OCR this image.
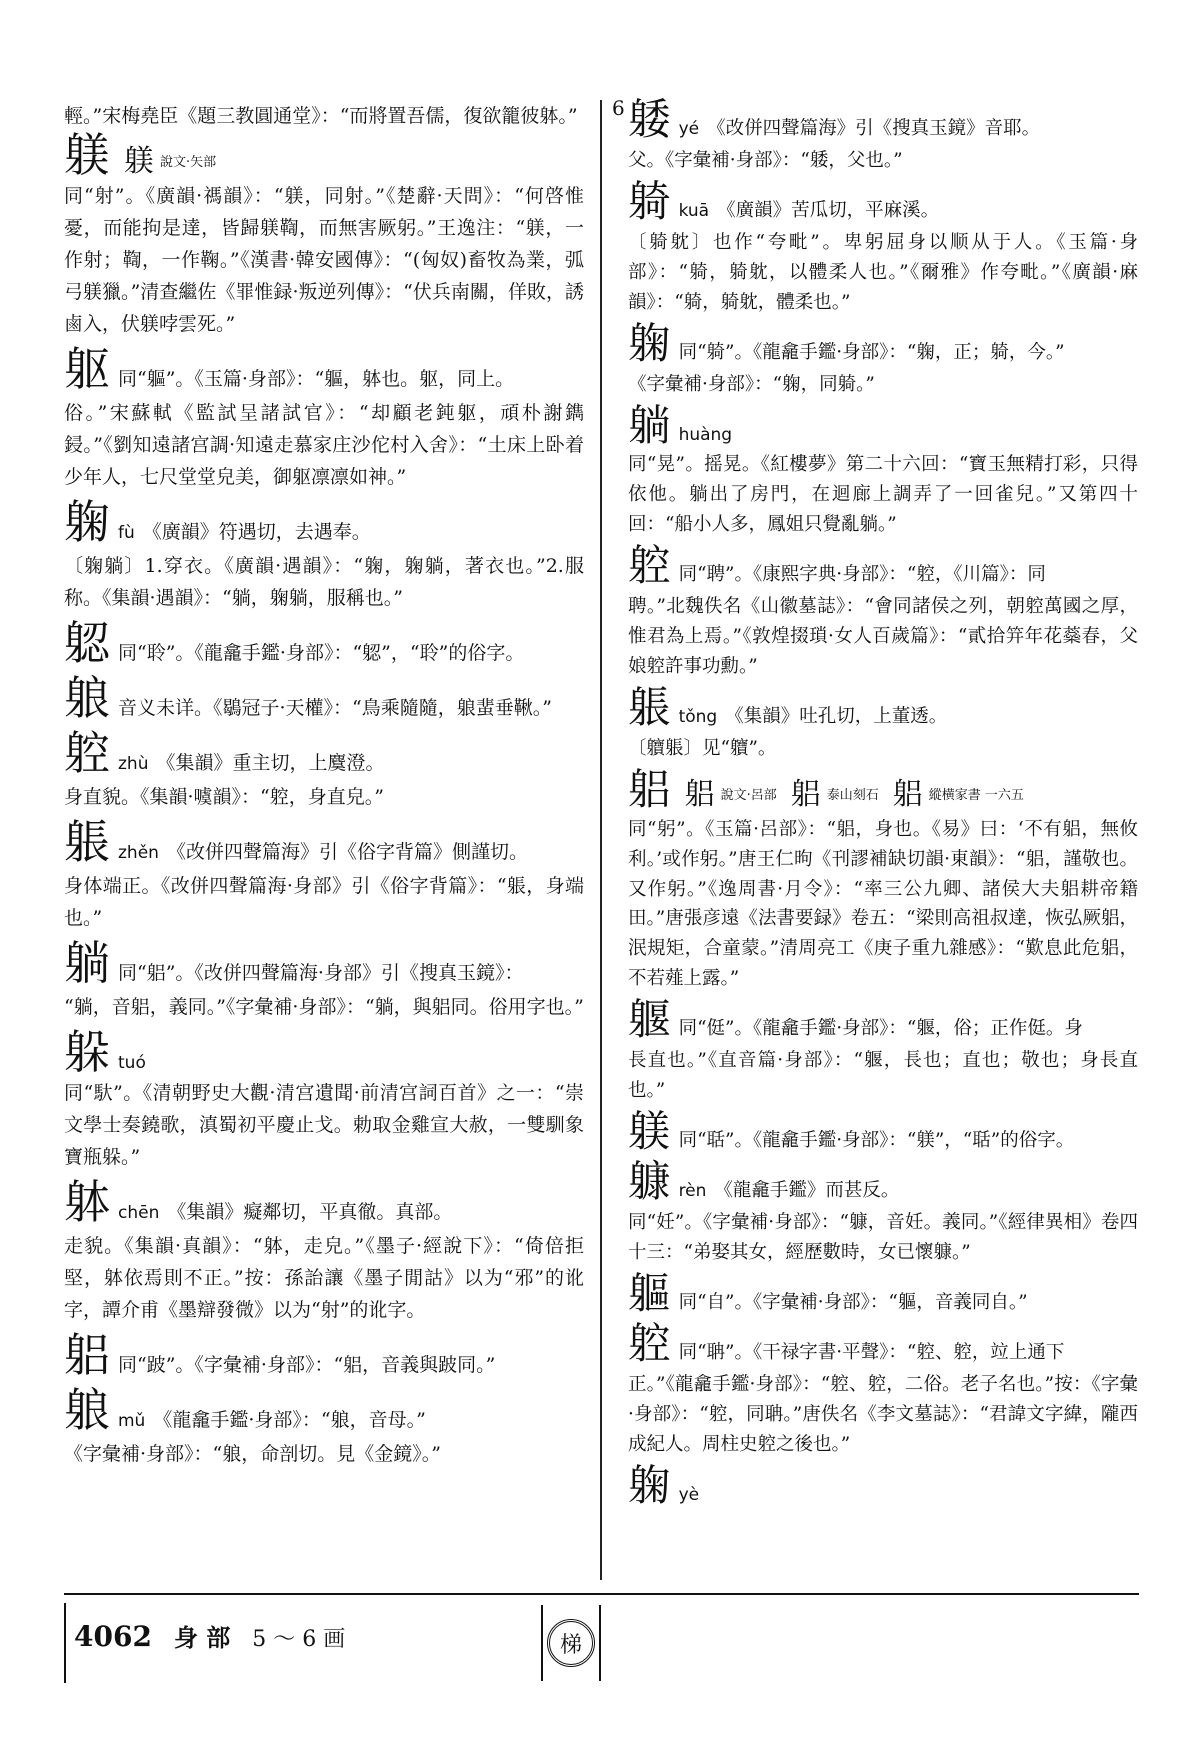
輕。”宋梅堯臣《題三教圓通堂》：“而將置吾儒，復欲籠彼躰。”

躾 躾 說文·矢部

同“射”。《廣韻·禡韻》：“躾，同射。”《楚辭·天問》：“何啓惟憂，而能拘是達，皆歸躾鞫，而無害厥躬。”王逸注：“躾，一作射；鞫，一作鞠。”《漢書·韓安國傳》：“(匈奴)畜牧為業，弧弓躾獵。”清查繼佐《罪惟録·叛逆列傳》：“伏兵南關，佯敗，誘鹵入，伏躾哱雲死。”

躯 同“軀”。《玉篇·身部》：“軀，躰也。躯，同上。

俗。”宋蘇軾《監試呈諸試官》：“却顧老鈍躯，頑朴謝鐫鋟。”《劉知遠諸宫調·知遠走慕家庄沙佗村入舍》：“土床上卧着少年人，七尺堂堂皃美，御躯凛凛如神。”

躹 fù 《廣韻》符遇切，去遇奉。

〔躹躺〕1.穿衣。《廣韻·遇韻》：“躹，躹躺，著衣也。”2.服称。《集韻·遇韻》：“躺，躹躺，服稱也。”

躵 同“聆”。《龍龕手鑑·身部》：“躵”，“聆”的俗字。
躴 音义未详。《鶡冠子·天權》：“鳥乘隨隨，躴蜚垂鞦。”
躻 zhù 《集韻》重主切，上麌澄。

身直貌。《集韻·噳韻》：“躻，身直皃。”

躼 zhěn 《改併四聲篇海》引《俗字背篇》側謹切。

身体端正。《改併四聲篇海·身部》引《俗字背篇》：“躼，身端也。”

躺 同“躳”。《改併四聲篇海·身部》引《搜真玉鏡》：

“躺，音躳，義同。”《字彙補·身部》：“躺，與躳同。俗用字也。”

躲 tuó

同“馱”。《清朝野史大觀·清宫遺聞·前清宫詞百首》之一：“崇文學士奏鐃歌，滇蜀初平慶止戈。勅取金雞宣大赦，一雙馴象寶瓶躲。”

躰 chēn 《集韻》癡鄰切，平真徹。真部。

走貌。《集韻·真韻》：“躰，走皃。”《墨子·經說下》：“倚倍拒堅，躰依焉則不正。”按：孫詒讓《墨子閒詁》以为“邪”的讹字，譚介甫《墨辯發微》以为“射”的讹字。

躳 同“跛”。《字彙補·身部》：“躳，音義與跛同。”
躴 mǔ 《龍龕手鑑·身部》：“躴，音母。”

《字彙補·身部》：“躴，命剖切。見《金鏡》。”

6 躷 yé 《改併四聲篇海》引《搜真玉鏡》音耶。

父。《字彙補·身部》：“躷，父也。”

躸 kuā 《廣韻》苦瓜切，平麻溪。

〔躸躭〕也作“夸毗”。卑躬屈身以顺从于人。《玉篇·身部》：“躸，躸躭，以體柔人也。”《爾雅》作夸毗。”《廣韻·麻韻》：“躸，躸躭，體柔也。”

躹 同“躸”。《龍龕手鑑·身部》：“躹，正；躸，今。”

《字彙補·身部》：“躹，同躸。”

躺 huàng

同“晃”。摇晃。《紅樓夢》第二十六回：“寶玉無精打彩，只得依他。躺出了房門，在迴廊上調弄了一回雀兒。”又第四十回：“船小人多，鳳姐只覺亂躺。”

躻 同“聘”。《康熙字典·身部》：“躻，《川篇》：同

聘。”北魏佚名《山徽墓誌》：“會同諸侯之列，朝躻萬國之厚，惟君為上焉。”《敦煌掇瑣·女人百歲篇》：“貳拾笄年花蘂春，父娘躻許事功勳。”

躼 tǒng 《集韻》吐孔切，上董透。

〔軉躼〕见“軉”。

躳 躳 說文·呂部 躳 泰山刻石 躳 縱横家書 一六五

同“躬”。《玉篇·呂部》：“躳，身也。《易》曰：‘不有躳，無攸利。’或作躬。”唐王仁昫《刊謬補缺切韻·東韻》：“躳，謹敬也。又作躬。”《逸周書·月令》：“率三公九卿、諸侯大夫躳耕帝籍田。”唐張彦遠《法書要録》卷五：“梁則高祖叔達，恢弘厥躳，泯規矩，合童蒙。”清周亮工《庚子重九雜感》：“歎息此危躳，不若薤上露。”

躽 同“侹”。《龍龕手鑑·身部》：“躽，俗；正作侹。身

長直也。”《直音篇·身部》：“躽，長也；直也；敬也；身長直也。”

躾 同“聒”。《龍龕手鑑·身部》：“躾”，“聒”的俗字。
躿 rèn 《龍龕手鑑》而甚反。

同“妊”。《字彙補·身部》：“躿，音妊。義同。”《經律異相》卷四十三：“弟娶其女，經歷數時，女已懷躿。”

軀 同“自”。《字彙補·身部》：“軀，音義同自。”
躻 同“聃”。《干禄字書·平聲》：“躻、躻，竝上通下

正。”《龍龕手鑑·身部》：“躻、躻，二俗。老子名也。”按：《字彙·身部》：“躻，同聃。”唐佚名《李文墓誌》：“君諱文字緯，隴西成紀人。周柱史躻之後也。”

躹 yè
4062 身 部 5 ～ 6 画	梯
